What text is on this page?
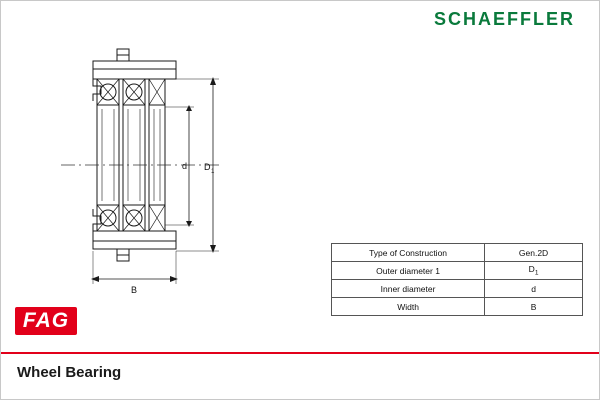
SCHAEFFLER
d D 1
B
Type of Construction	Gen.2D
Outer diameter 1	$D_1$
Inner diameter	d
Width	B
FAG
Wheel Bearing
